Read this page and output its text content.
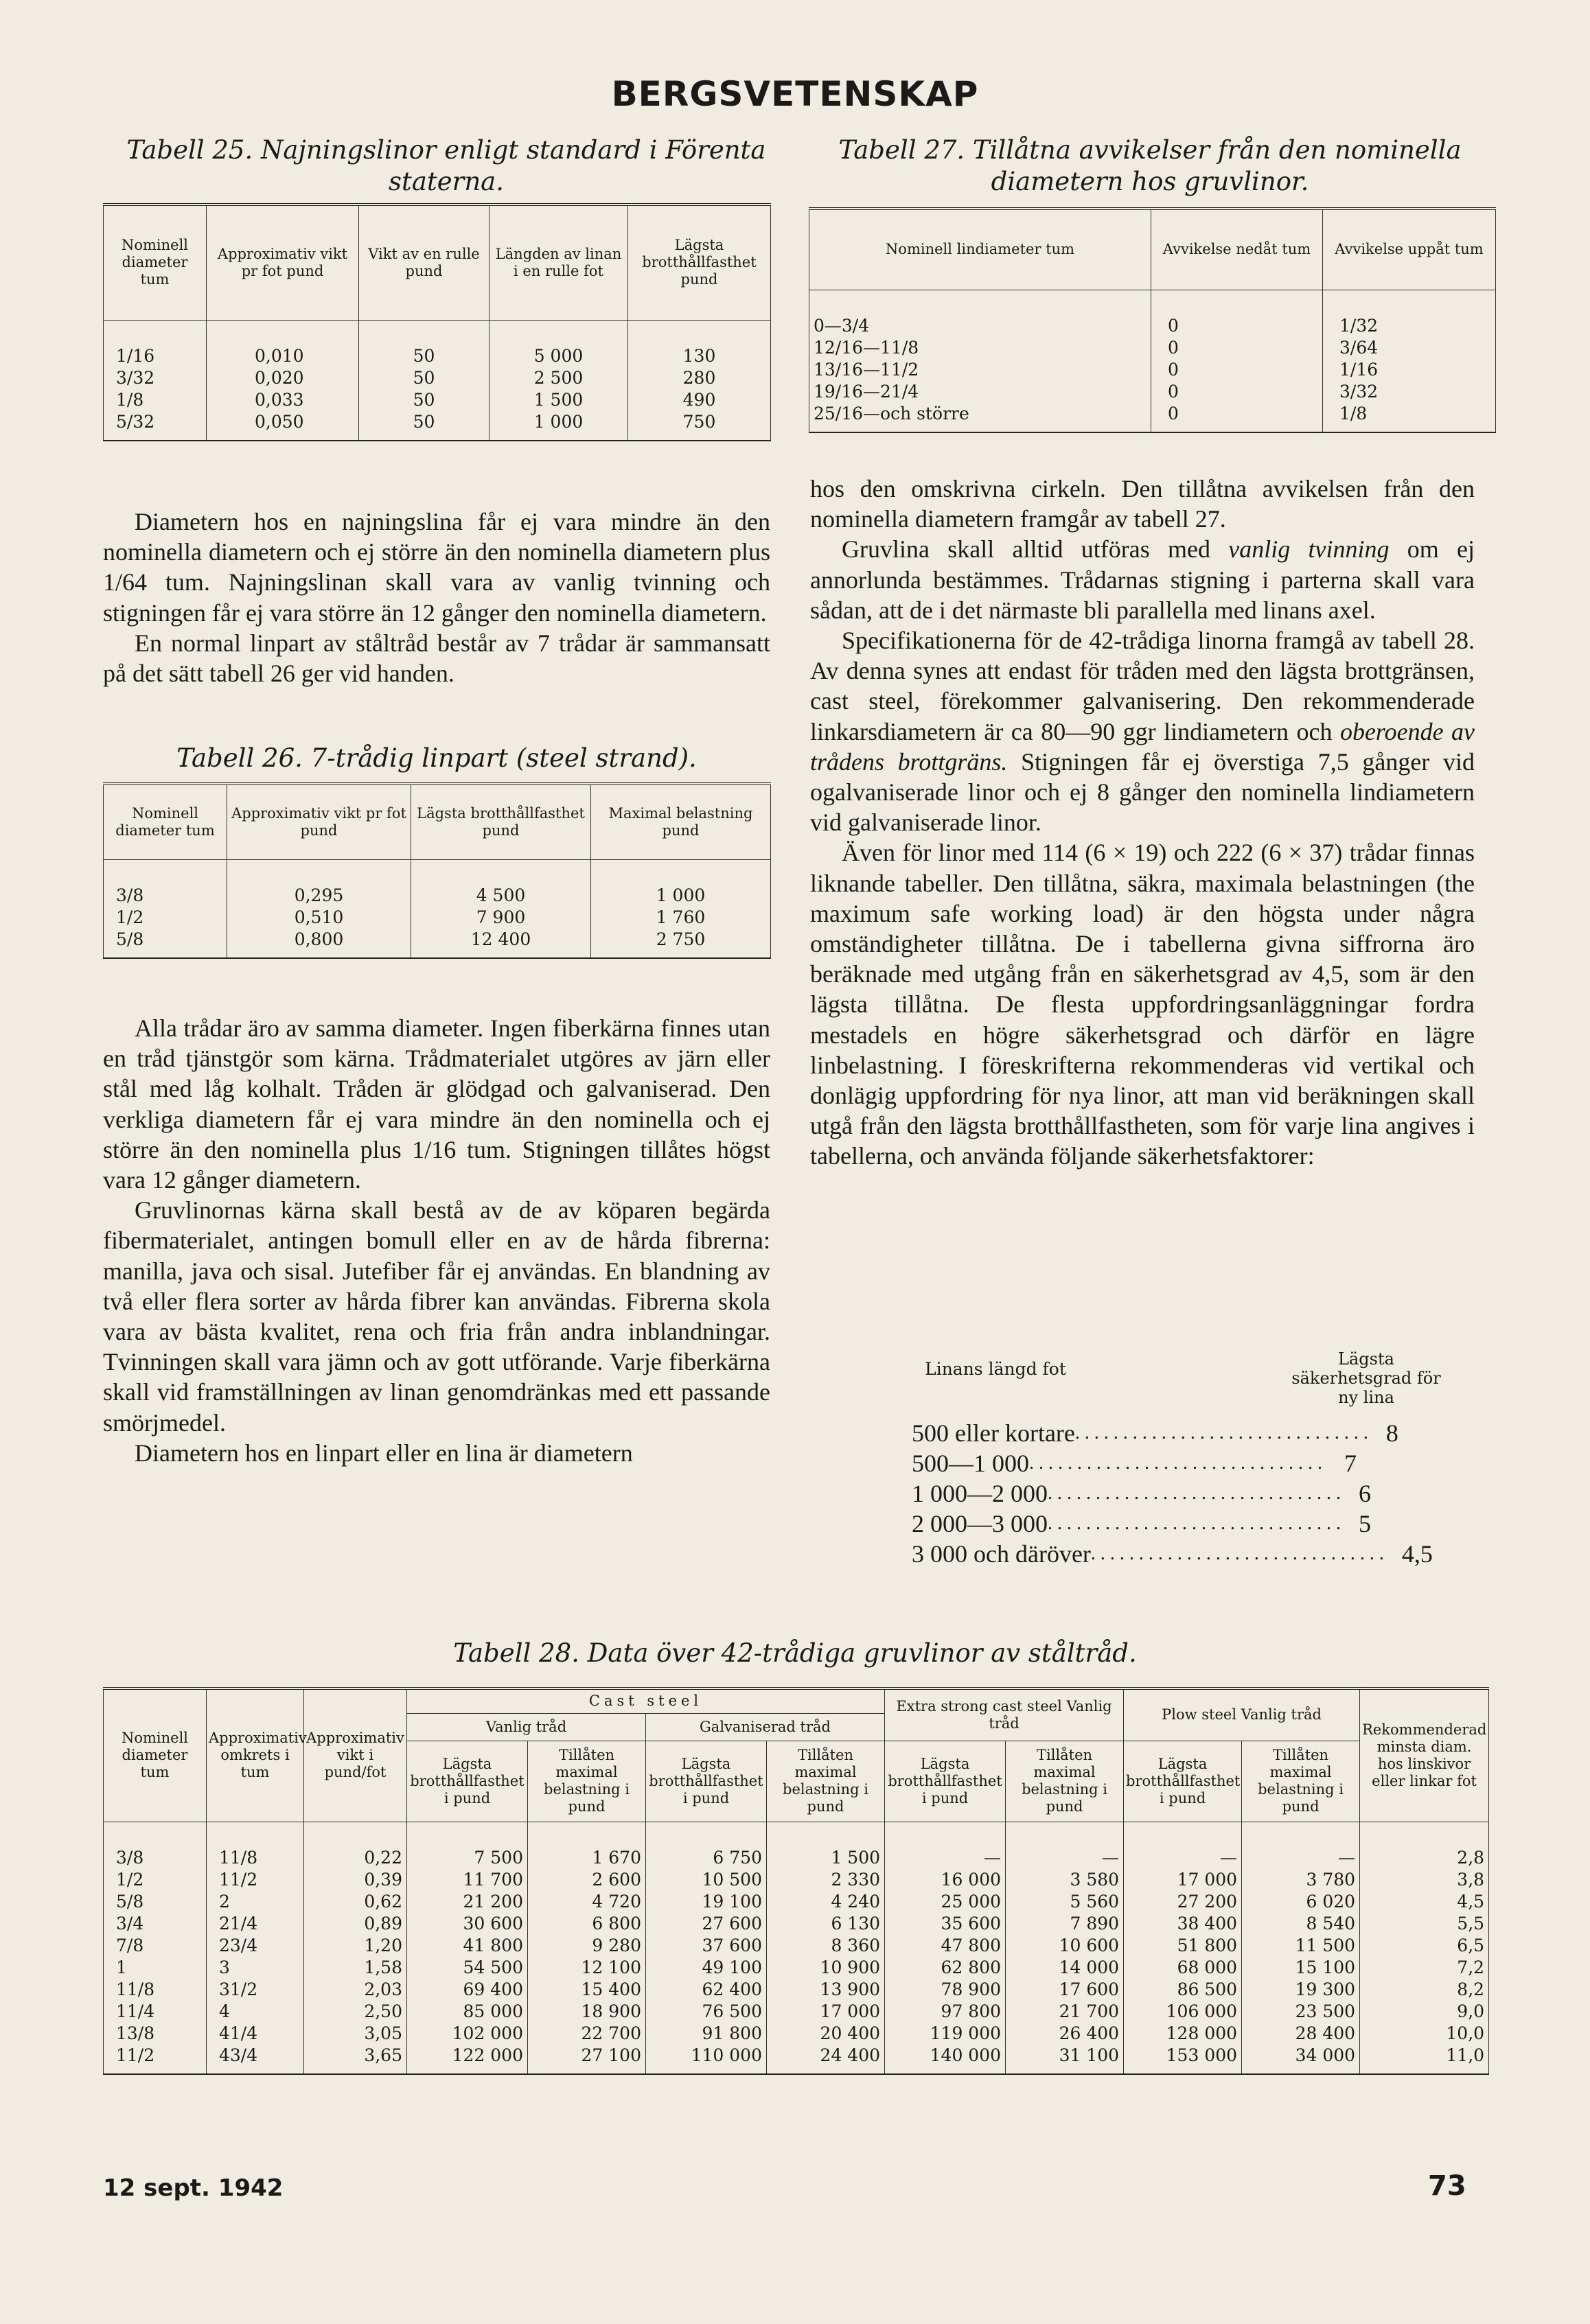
BERGSVETENSKAP
Tabell 25. Najningslinor enligt standard i Förenta staterna.
Nominell diameter tum	Approximativ vikt pr fot pund	Vikt av en rulle pund	Längden av linan i en rulle fot	Lägsta brotthållfasthet pund

1/16	0,010	50	5 000	130
3/32	0,020	50	2 500	280
1/8	0,033	50	1 500	490
5/32	0,050	50	1 000	750

Diametern hos en najningslina får ej vara mindre än den nominella diametern och ej större än den nominella diametern plus 1/64 tum. Najningslinan skall vara av vanlig tvinning och stigningen får ej vara större än 12 gånger den nominella diametern.

En normal linpart av ståltråd består av 7 trådar är sammansatt på det sätt tabell 26 ger vid handen.

Tabell 26. 7-trådig linpart (steel strand).
Nominell diameter tum	Approximativ vikt pr fot pund	Lägsta brotthållfasthet pund	Maximal belastning pund

3/8	0,295	4 500	1 000
1/2	0,510	7 900	1 760
5/8	0,800	12 400	2 750

Alla trådar äro av samma diameter. Ingen fiberkärna finnes utan en tråd tjänstgör som kärna. Trådmaterialet utgöres av järn eller stål med låg kolhalt. Tråden är glödgad och galvaniserad. Den verkliga diametern får ej vara mindre än den nominella och ej större än den nominella plus 1/16 tum. Stigningen tillåtes högst vara 12 gånger diametern.

Gruvlinornas kärna skall bestå av de av köparen begärda fibermaterialet, antingen bomull eller en av de hårda fibrerna: manilla, java och sisal. Jutefiber får ej användas. En blandning av två eller flera sorter av hårda fibrer kan användas. Fibrerna skola vara av bästa kvalitet, rena och fria från andra inblandningar. Tvinningen skall vara jämn och av gott utförande. Varje fiberkärna skall vid framställningen av linan genomdränkas med ett passande smörjmedel.

Diametern hos en linpart eller en lina är diametern

Tabell 27. Tillåtna avvikelser från den nominella diametern hos gruvlinor.
Nominell lindiameter tum	Avvikelse nedåt tum	Avvikelse uppåt tum

0—3/4	0	1/32
12/16—11/8	0	3/64
13/16—11/2	0	1/16
19/16—21/4	0	3/32
25/16—och större	0	1/8

hos den omskrivna cirkeln. Den tillåtna avvikelsen från den nominella diametern framgår av tabell 27.

Gruvlina skall alltid utföras med vanlig tvinning om ej annorlunda bestämmes. Trådarnas stigning i parterna skall vara sådan, att de i det närmaste bli parallella med linans axel.

Specifikationerna för de 42-trådiga linorna framgå av tabell 28. Av denna synes att endast för tråden med den lägsta brottgränsen, cast steel, förekommer galvanisering. Den rekommenderade linkarsdiametern är ca 80—90 ggr lindiametern och oberoende av trådens brottgräns. Stigningen får ej överstiga 7,5 gånger vid ogalvaniserade linor och ej 8 gånger den nominella lindiametern vid galvaniserade linor.

Även för linor med 114 (6 × 19) och 222 (6 × 37) trådar finnas liknande tabeller. Den tillåtna, säkra, maximala belastningen (the maximum safe working load) är den högsta under några omständigheter tillåtna. De i tabellerna givna siffrorna äro beräknade med utgång från en säkerhetsgrad av 4,5, som är den lägsta tillåtna. De flesta uppfordringsanläggningar fordra mestadels en högre säkerhetsgrad och därför en lägre linbelastning. I föreskrifterna rekommenderas vid vertikal och donlägig uppfordring för nya linor, att man vid beräkningen skall utgå från den lägsta brotthållfastheten, som för varje lina angives i tabellerna, och använda följande säkerhetsfaktorer:

Linans längd fot	Lägsta säkerhetsgrad för ny lina
500 eller kortare . . . . . . . . . . . . . . . . . . . . . . . . . . . . . . . 8
500—1 000 . . . . . . . . . . . . . . . . . . . . . . . . . . . . . . . 7
1 000—2 000 . . . . . . . . . . . . . . . . . . . . . . . . . . . . . . . 6
2 000—3 000 . . . . . . . . . . . . . . . . . . . . . . . . . . . . . . . 5
3 000 och däröver . . . . . . . . . . . . . . . . . . . . . . . . . . . . . . . 4,5
Tabell 28. Data över 42-trådiga gruvlinor av ståltråd.
Nominell diameter tum	Approximativ omkrets i tum	Approximativ vikt i pund/fot	Cast steel				Extra strong cast steel Vanlig tråd		Plow steel Vanlig tråd		Rekommenderad minsta diam. hos linskivor eller linkar fot
			Vanlig tråd		Galvaniserad tråd						
			Lägsta brotthållfasthet i pund	Tillåten maximal belastning i pund	Lägsta brotthållfasthet i pund	Tillåten maximal belastning i pund	Lägsta brotthållfasthet i pund	Tillåten maximal belastning i pund	Lägsta brotthållfasthet i pund	Tillåten maximal belastning i pund	

3/8	11/8	0,22	7 500	1 670	6 750	1 500	—	—	—	—	2,8
1/2	11/2	0,39	11 700	2 600	10 500	2 330	16 000	3 580	17 000	3 780	3,8
5/8	2	0,62	21 200	4 720	19 100	4 240	25 000	5 560	27 200	6 020	4,5
3/4	21/4	0,89	30 600	6 800	27 600	6 130	35 600	7 890	38 400	8 540	5,5
7/8	23/4	1,20	41 800	9 280	37 600	8 360	47 800	10 600	51 800	11 500	6,5
1	3	1,58	54 500	12 100	49 100	10 900	62 800	14 000	68 000	15 100	7,2
11/8	31/2	2,03	69 400	15 400	62 400	13 900	78 900	17 600	86 500	19 300	8,2
11/4	4	2,50	85 000	18 900	76 500	17 000	97 800	21 700	106 000	23 500	9,0
13/8	41/4	3,05	102 000	22 700	91 800	20 400	119 000	26 400	128 000	28 400	10,0
11/2	43/4	3,65	122 000	27 100	110 000	24 400	140 000	31 100	153 000	34 000	11,0

12 sept. 1942	73
